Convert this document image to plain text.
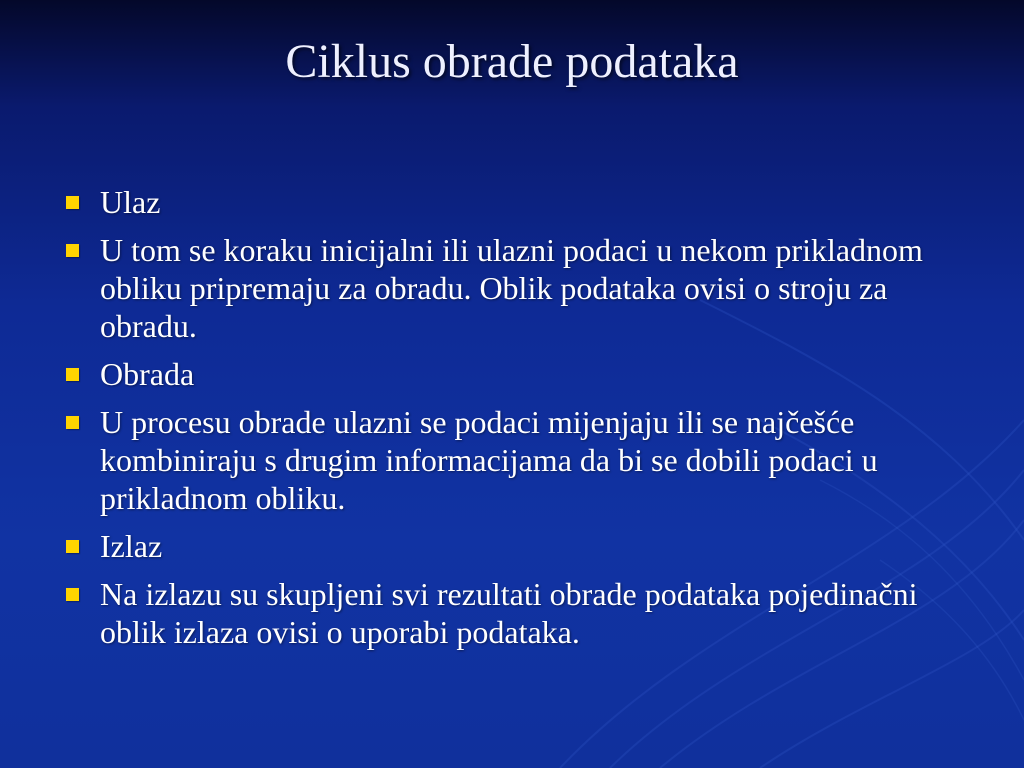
Ciklus obrade podataka
Ulaz
U tom se koraku inicijalni ili ulazni podaci u nekom prikladnom obliku pripremaju za obradu. Oblik podataka ovisi o stroju za obradu.
Obrada
U procesu obrade ulazni se podaci mijenjaju ili se najčešće kombiniraju s drugim informacijama da bi se dobili podaci u prikladnom obliku.
Izlaz
Na izlazu su skupljeni svi rezultati obrade podataka pojedinačni oblik izlaza ovisi o uporabi podataka.
